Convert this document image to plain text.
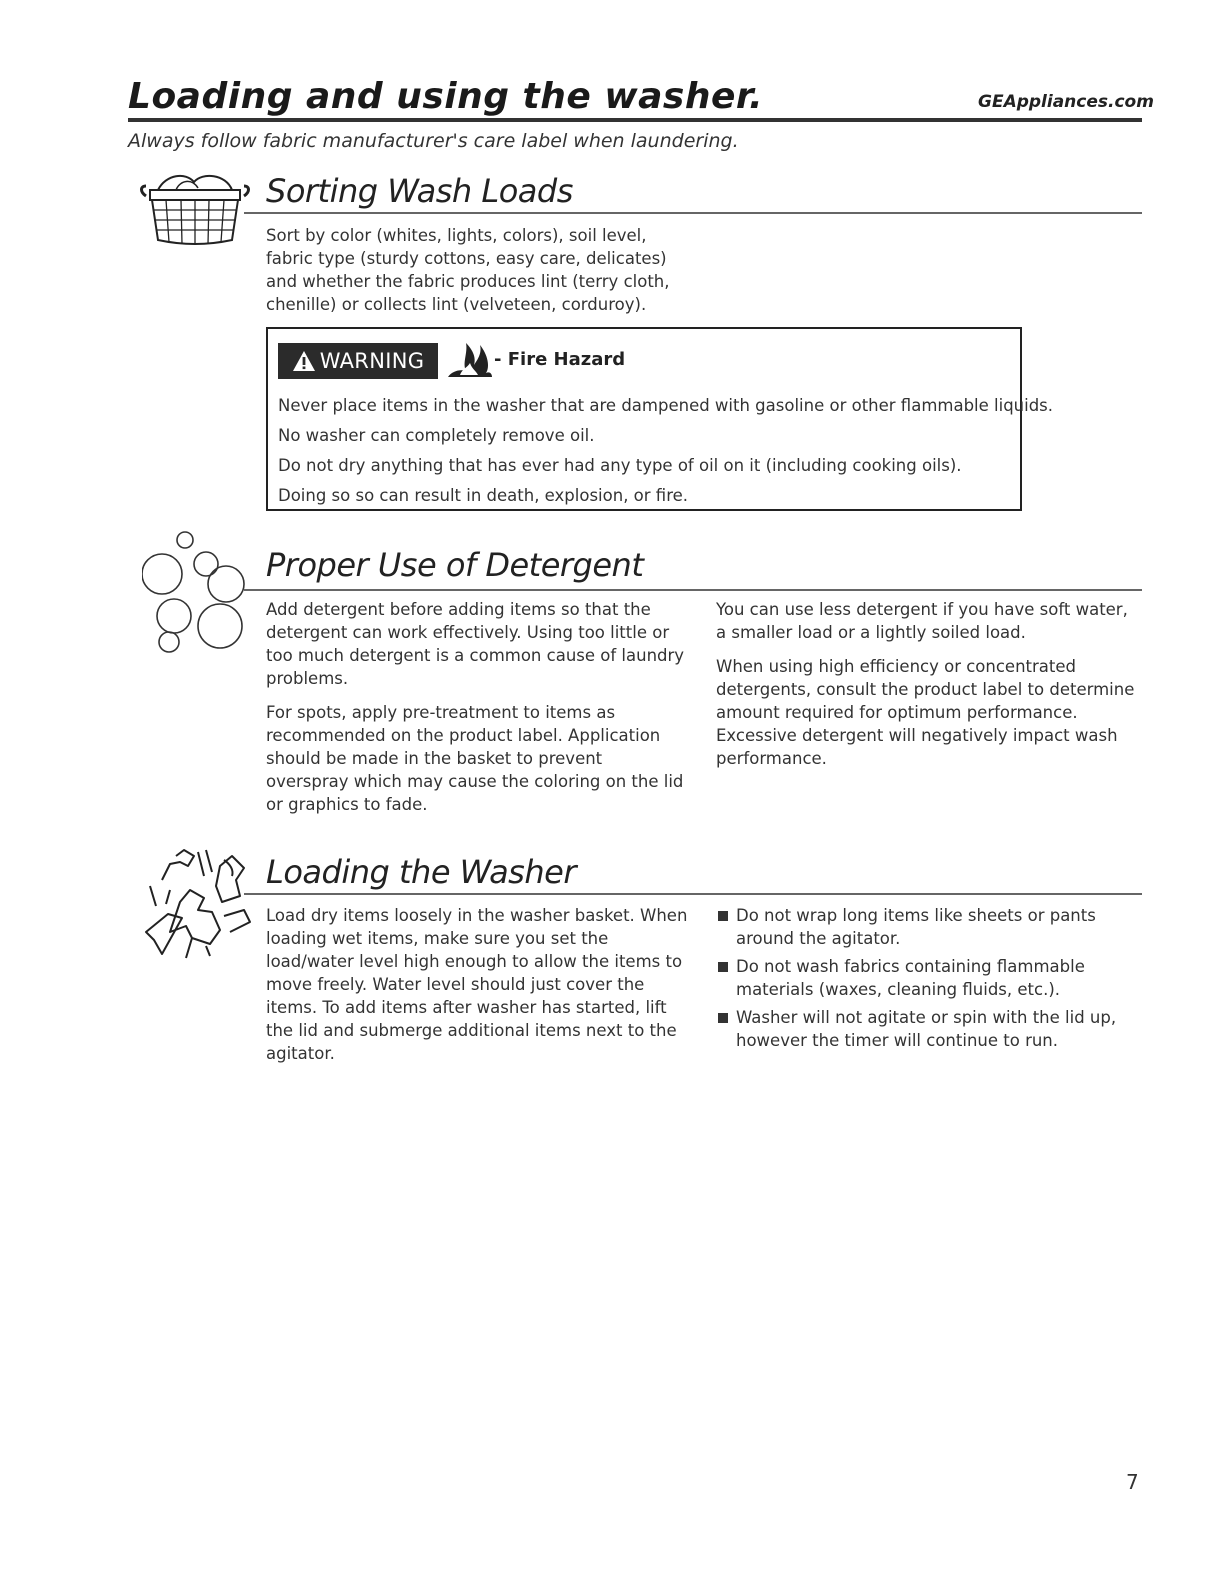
Loading and using the washer.	GEAppliances.com
Always follow fabric manufacturer's care label when laundering.
Sorting Wash Loads

Sort by color (whites, lights, colors), soil level, fabric type (sturdy cottons, easy care, delicates) and whether the fabric produces lint (terry cloth, chenille) or collects lint (velveteen, corduroy).

WARNING	- Fire Hazard
Never place items in the washer that are dampened with gasoline or other flammable liquids.
No washer can completely remove oil.
Do not dry anything that has ever had any type of oil on it (including cooking oils).
Doing so so can result in death, explosion, or fire.
Proper Use of Detergent

Add detergent before adding items so that the detergent can work effectively. Using too little or too much detergent is a common cause of laundry problems.

For spots, apply pre-treatment to items as recommended on the product label. Application should be made in the basket to prevent overspray which may cause the coloring on the lid or graphics to fade.

You can use less detergent if you have soft water, a smaller load or a lightly soiled load.

When using high efficiency or concentrated detergents, consult the product label to determine amount required for optimum performance. Excessive detergent will negatively impact wash performance.

Loading the Washer

Load dry items loosely in the washer basket. When loading wet items, make sure you set the load/water level high enough to allow the items to move freely. Water level should just cover the items. To add items after washer has started, lift the lid and submerge additional items next to the agitator.

Do not wrap long items like sheets or pants around the agitator.
Do not wash fabrics containing flammable materials (waxes, cleaning fluids, etc.).
Washer will not agitate or spin with the lid up, however the timer will continue to run.
7
